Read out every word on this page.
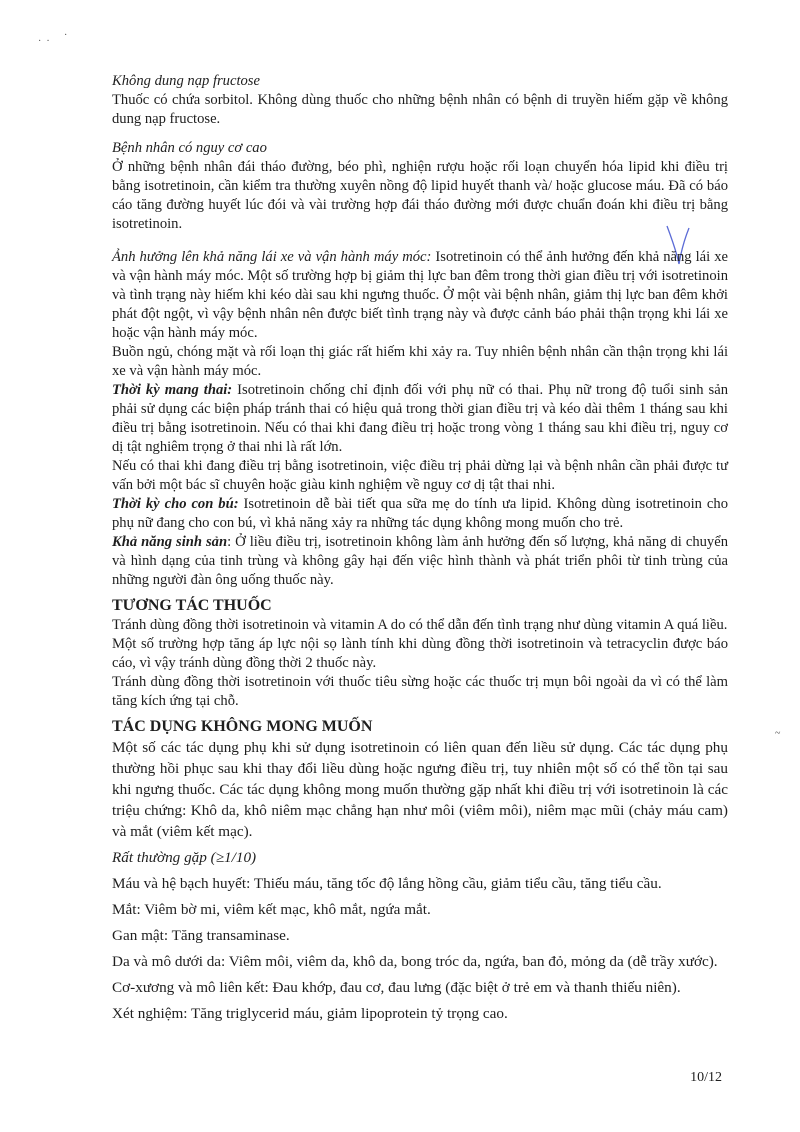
·  ·
·
~

Không dung nạp fructose

Thuốc có chứa sorbitol. Không dùng thuốc cho những bệnh nhân có bệnh di truyền hiếm gặp về không dung nạp fructose.

Bệnh nhân có nguy cơ cao

Ở những bệnh nhân đái tháo đường, béo phì, nghiện rượu hoặc rối loạn chuyển hóa lipid khi điều trị bằng isotretinoin, cần kiểm tra thường xuyên nồng độ lipid huyết thanh và/ hoặc glucose máu. Đã có báo cáo tăng đường huyết lúc đói và vài trường hợp đái tháo đường mới được chuẩn đoán khi điều trị bằng isotretinoin.

Ảnh hưởng lên khả năng lái xe và vận hành máy móc: Isotretinoin có thể ảnh hưởng đến khả năng lái xe và vận hành máy móc. Một số trường hợp bị giảm thị lực ban đêm trong thời gian điều trị với isotretinoin và tình trạng này hiếm khi kéo dài sau khi ngưng thuốc. Ở một vài bệnh nhân, giảm thị lực ban đêm khởi phát đột ngột, vì vậy bệnh nhân nên được biết tình trạng này và được cảnh báo phải thận trọng khi lái xe hoặc vận hành máy móc.

Buồn ngủ, chóng mặt và rối loạn thị giác rất hiếm khi xảy ra. Tuy nhiên bệnh nhân cần thận trọng khi lái xe và vận hành máy móc.

Thời kỳ mang thai: Isotretinoin chống chỉ định đối với phụ nữ có thai. Phụ nữ trong độ tuổi sinh sản phải sử dụng các biện pháp tránh thai có hiệu quả trong thời gian điều trị và kéo dài thêm 1 tháng sau khi điều trị bằng isotretinoin. Nếu có thai khi đang điều trị hoặc trong vòng 1 tháng sau khi điều trị, nguy cơ dị tật nghiêm trọng ở thai nhi là rất lớn.

Nếu có thai khi đang điều trị bằng isotretinoin, việc điều trị phải dừng lại và bệnh nhân cần phải được tư vấn bởi một bác sĩ chuyên hoặc giàu kinh nghiệm về nguy cơ dị tật thai nhi.

Thời kỳ cho con bú: Isotretinoin dễ bài tiết qua sữa mẹ do tính ưa lipid. Không dùng isotretinoin cho phụ nữ đang cho con bú, vì khả năng xảy ra những tác dụng không mong muốn cho trẻ.

Khả năng sinh sản: Ở liều điều trị, isotretinoin không làm ảnh hưởng đến số lượng, khả năng di chuyển và hình dạng của tinh trùng và không gây hại đến việc hình thành và phát triển phôi từ tinh trùng của những người đàn ông uống thuốc này.

TƯƠNG TÁC THUỐC

Tránh dùng đồng thời isotretinoin và vitamin A do có thể dẫn đến tình trạng như dùng vitamin A quá liều.

Một số trường hợp tăng áp lực nội sọ lành tính khi dùng đồng thời isotretinoin và tetracyclin được báo cáo, vì vậy tránh dùng đồng thời 2 thuốc này.

Tránh dùng đồng thời isotretinoin với thuốc tiêu sừng hoặc các thuốc trị mụn bôi ngoài da vì có thể làm tăng kích ứng tại chỗ.

TÁC DỤNG KHÔNG MONG MUỐN

Một số các tác dụng phụ khi sử dụng isotretinoin có liên quan đến liều sử dụng. Các tác dụng phụ thường hồi phục sau khi thay đổi liều dùng hoặc ngưng điều trị, tuy nhiên một số có thể tồn tại sau khi ngưng thuốc. Các tác dụng không mong muốn thường gặp nhất khi điều trị với isotretinoin là các triệu chứng: Khô da, khô niêm mạc chẳng hạn như môi (viêm môi), niêm mạc mũi (chảy máu cam) và mắt (viêm kết mạc).

Rất thường gặp (≥1/10)

Máu và hệ bạch huyết: Thiếu máu, tăng tốc độ lắng hồng cầu, giảm tiểu cầu, tăng tiểu cầu.

Mắt: Viêm bờ mi, viêm kết mạc, khô mắt, ngứa mắt.

Gan mật: Tăng transaminase.

Da và mô dưới da: Viêm môi, viêm da, khô da, bong tróc da, ngứa, ban đỏ, mỏng da (dễ trầy xước).

Cơ-xương và mô liên kết: Đau khớp, đau cơ, đau lưng (đặc biệt ở trẻ em và thanh thiếu niên).

Xét nghiệm: Tăng triglycerid máu, giảm lipoprotein tỷ trọng cao.

10/12
